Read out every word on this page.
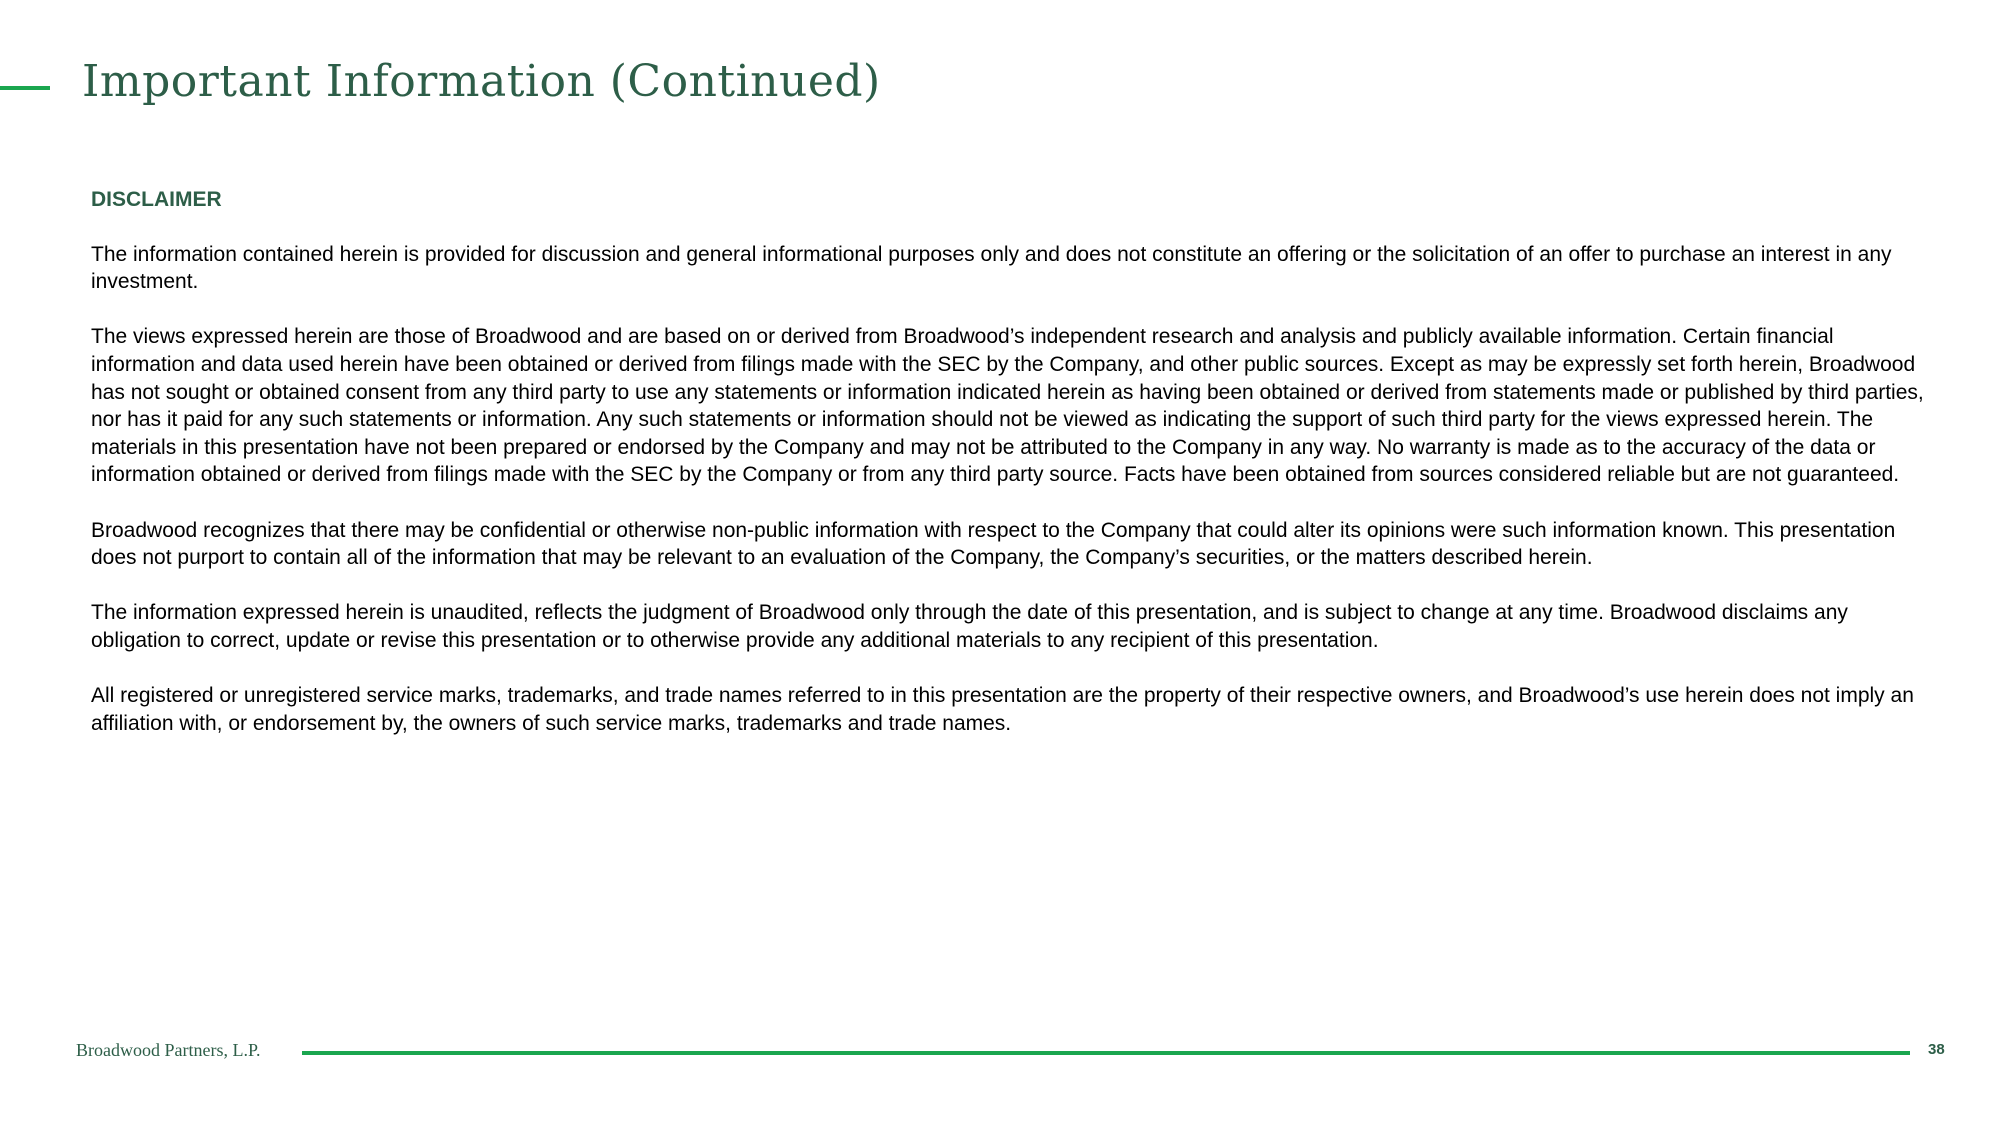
Important Information (Continued)
DISCLAIMER

The information contained herein is provided for discussion and general informational purposes only and does not constitute an offering or the solicitation of an offer to purchase an interest in any investment.

The views expressed herein are those of Broadwood and are based on or derived from Broadwood’s independent research and analysis and publicly available information. Certain financial information and data used herein have been obtained or derived from filings made with the SEC by the Company, and other public sources. Except as may be expressly set forth herein, Broadwood has not sought or obtained consent from any third party to use any statements or information indicated herein as having been obtained or derived from statements made or published by third parties, nor has it paid for any such statements or information. Any such statements or information should not be viewed as indicating the support of such third party for the views expressed herein. The materials in this presentation have not been prepared or endorsed by the Company and may not be attributed to the Company in any way. No warranty is made as to the accuracy of the data or information obtained or derived from filings made with the SEC by the Company or from any third party source. Facts have been obtained from sources considered reliable but are not guaranteed.

Broadwood recognizes that there may be confidential or otherwise non-public information with respect to the Company that could alter its opinions were such information known. This presentation does not purport to contain all of the information that may be relevant to an evaluation of the Company, the Company’s securities, or the matters described herein.

The information expressed herein is unaudited, reflects the judgment of Broadwood only through the date of this presentation, and is subject to change at any time. Broadwood disclaims any obligation to correct, update or revise this presentation or to otherwise provide any additional materials to any recipient of this presentation.

All registered or unregistered service marks, trademarks, and trade names referred to in this presentation are the property of their respective owners, and Broadwood’s use herein does not imply an affiliation with, or endorsement by, the owners of such service marks, trademarks and trade names.

Broadwood Partners, L.P.	38
